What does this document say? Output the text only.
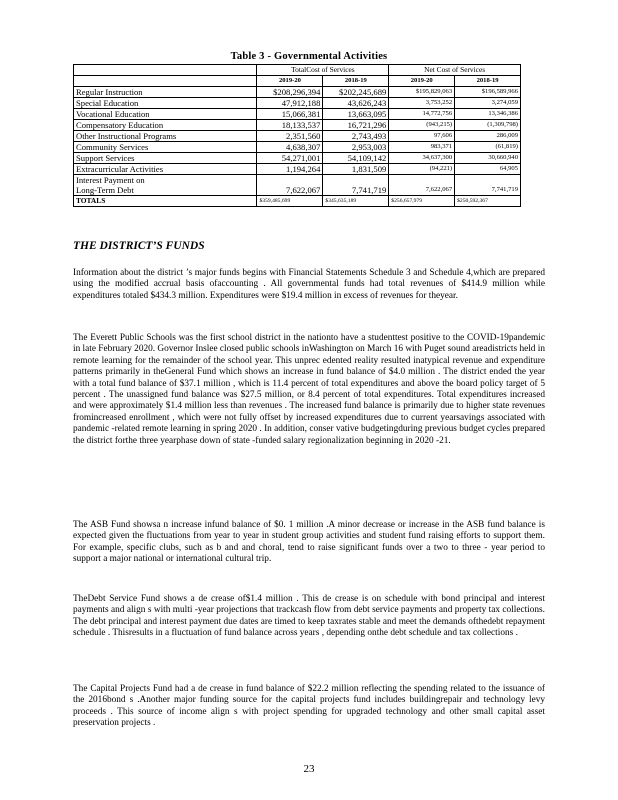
Table 3 - Governmental Activities
	TotalCost of Services		Net Cost of Services	
	2019-20	2018-19	2019-20	2018-19
Regular Instruction	$208,296,394	$202,245,689	$195,829,063	$196,589,966
Special Education	47,912,188	43,626,243	3,753,252	3,274,059
Vocational Education	15,066,381	13,663,095	14,772,756	13,346,386
Compensatory Education	18,133,537	16,721,296	(943,215)	(1,309,798)
Other Instructional Programs	2,351,560	2,743,493	97,606	286,009
Community Services	4,638,307	2,953,003	983,371	(61,819)
Support Services	54,271,001	54,109,142	34,637,300	30,660,940
Extracurricular Activities	1,194,264	1,831,509	(94,221)	64,905

Interest Payment on
Long-Term Debt	7,622,067	7,741,719	7,622,067	7,741,719
TOTALS	$359,485,699	$345,635,189	$256,657,979	$250,592,367
THE DISTRICT’S FUNDS

Information about the district ’s major funds begins with Financial Statements Schedule 3 and Schedule 4,which are prepared using the modified accrual basis ofaccounting . All governmental funds had total revenues of $414.9 million while expenditures totaled $434.3 million. Expenditures were $19.4 million in excess of revenues for theyear.

The Everett Public Schools was the first school district in the nationto have a studenttest positive to the COVID-19pandemic in late February 2020. Governor Inslee closed public schools inWashington on March 16 with Puget sound areadistricts held in remote learning for the remainder of the school year. This unprec edented reality resulted inatypical revenue and expenditure patterns primarily in theGeneral Fund which shows an increase in fund balance of $4.0 million . The district ended the year with a total fund balance of $37.1 million , which is 11.4 percent of total expenditures and above the board policy target of 5 percent . The unassigned fund balance was $27.5 million, or 8.4 percent of total expenditures. Total expenditures increased and were approximately $1.4 million less than revenues . The increased fund balance is primarily due to higher state revenues fromincreased enrollment , which were not fully offset by increased expenditures due to current yearsavings associated with pandemic -related remote learning in spring 2020 . In addition, conser vative budgetingduring previous budget cycles prepared the district forthe three yearphase down of state -funded salary regionalization beginning in 2020 -21.

The ASB Fund showsa n increase infund balance of $0. 1 million .A minor decrease or increase in the ASB fund balance is expected given the fluctuations from year to year in student group activities and student fund raising efforts to support them. For example, specific clubs, such as b and and choral, tend to raise significant funds over a two to three - year period to support a major national or international cultural trip.

TheDebt Service Fund shows a de crease of$1.4 million . This de crease is on schedule with bond principal and interest payments and align s with multi -year projections that trackcash flow from debt service payments and property tax collections. The debt principal and interest payment due dates are timed to keep taxrates stable and meet the demands ofthedebt repayment schedule . Thisresults in a fluctuation of fund balance across years , depending onthe debt schedule and tax collections .

The Capital Projects Fund had a de crease in fund balance of $22.2 million reflecting the spending related to the issuance of the 2016bond s .Another major funding source for the capital projects fund includes buildingrepair and technology levy proceeds . This source of income align s with project spending for upgraded technology and other small capital asset preservation projects .

23
